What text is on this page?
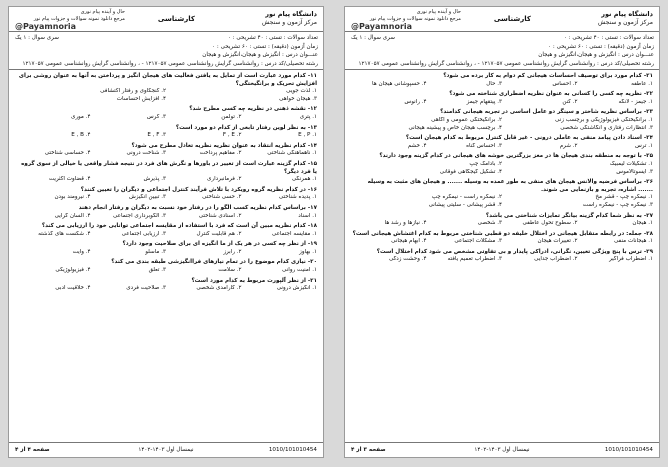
دانشگاه پیام نور
مرکز آزمون و سنجش
کارشناسی
حال و آینده پیام نوری
مرجع دانلود نمونه سوالات و جزوات پیام نور
@Payamnoria
تعداد سوالات : تستی : ۴۰ تشریحی : ۰
زمان آزمون (دقیقه) : تستی : ۶۰ تشریحی : ۰
سری سوال : ۱ یک
عنـــوان درس : انگیزش و هیجان،انگیزش و هیجان
رشته تحصیلی/کد درس : روانشناسی گرایش روانشناسی عمومی ۱۲۱۷۰۵۷ - ، روانشناسی گرایش روانشناسی عمومی ۱۲۱۷۰۵۷
۲۱- کدام مورد برای توصیف احساسات هیجانی کم دوام به کار برده می شود؟
۱. عاطفه
۲. احساس
۳. حال
۴. حسپوشانی هیجان ها
۲۲- نظریه چه کسی را کسانی به عنوان نظریه اضطراری شناخته می شود؟
۱. جیمز - لانگه
۲. کنن
۳. پیتقهام جیمز
۴. رانوس
۲۳- براساس نظریه شاختر و سینگر دو عامل اساسی در تجربه هیجانی کدامند؟
۱. برانگیختگی فیزیولوژیکی و برچسب زنی
۲. برانگیختگی عمومی و آگاهی
۳. انتظارات رفتاری و انگاشتگی شخصی
۴. برچسب هیجان خاص و پیشینه هیجانی
۲۴- اسناد دادن پیامد منفی به عاملی درونی - غیر قابل کنترل مربوط به کدام هیجان است؟
۱. ترس
۲. شرم
۳. احساس گناه
۴. خشم
۲۵- با توجه به منطقه بندی هیجان ها در مغز بزرگترین خوشه های هیجانی در کدام گزینه وجود دارند؟
۱. تشکیلات لیمبیک
۲. بادامک چپ
۳. ایسوتالاموس
۴. تشکیل گیجگاهی فوقانی
۲۶- براساس فرضیه والانس هیجان های منفی به طور عمده به وسیله ....... و هیجان های مثبت به وسیله ....... اشاره، تجربه و بازنمایی می شوند.
۱. نیمکره چپ - قشر مخ
۲. نیمکره راست - نیمکره چپ
۳. نیمکره چپ - نیمکره راست
۴. قشر پیشانی - سلیتی پیشانی
۲۷- به نظر شما کدام گزینه بیانگر تمایزات شناختی می باشد؟
۱. هیجان
۲. سطوح تحول عاطفی
۳. شخصی
۴. نیازها و رشد ها
۲۸- جمله: در رابطه متقابل هیجانی در اختلال خلیفه دو قطبی شناختی مربوط به کدام اغتشاش هیجانی است؟
۱. هیجانات منفی
۲. تغییرات هیجان
۳. مشکلات اجتماعی
۴. ابهام هیجانی
۲۹- ترس با پنج ویژگی تعیین، نگرانی، ادراکی پایدار و بی تفاوتی مشخص می شود کدام اختلال است؟
۱. اضطراب فراگیر
۲. اضطراب جدایی
۳. اضطراب تعمیم یافته
۴. وحشت زدگی
صفحه ۳ از ۴	نیمسال اول ۱۴۰۳-۱۴۰۲	1010/101010454
دانشگاه پیام نور
مرکز آزمون و سنجش
کارشناسی
حال و آینده پیام نوری
مرجع دانلود نمونه سوالات و جزوات پیام نور
@Payamnoria
تعداد سوالات : تستی : ۴۰ تشریحی : ۰
زمان آزمون (دقیقه) : تستی : ۶۰ تشریحی : ۰
سری سوال : ۱ یک
عنـــوان درس : انگیزش و هیجان،انگیزش و هیجان
رشته تحصیلی/کد درس : روانشناسی گرایش روانشناسی عمومی ۱۲۱۷۰۵۷ - ، روانشناسی گرایش روانشناسی عمومی ۱۲۱۷۰۵۷
۱۱- کدام مورد عبارت است از تمایل به یافتن فعالیت های هیجان انگیز و پرداختن به آنها به عنوان روشی برای افزایش تحریک و برانگیختگی؟
۱. لذت جویی
۲. کنجکاوی و رفتار اکتشافی
۳. هیجان خواهی
۴. افزایش احساسات
۱۲- نقشه ذهنی در نظریه چه کسی مطرح شد؟
۱. پتری
۲. تولمن
۳. کرس
۴. موری
۱۳- به نظر لوین رفتار تابعی از کدام دو مورد است؟
۱. E , P
۲. F , E
۳. E , F
۴. E , B
۱۴- کدام نظریه انتقاد به عنوان نظریه نظریه تعادل مطرح می شود؟
۱. ناهماهنگی شناختی
۲. مفاهیم پرداخت
۳. شناخت درونی
۴. حساسی شناختی
۱۵- کدام گزینه عبارت است از تغییر در باورها و نگرش های فرد در نتیجه فشار واقعی یا خیالی از سوی گروه یا فرد دیگر؟
۱. همرنگی
۲. فرمانبرداری
۳. پذیرش
۴. قضاوت اکثریت
۱۶- در کدام نظریه گروه رویکرد با تلاش فرآیند کنترل اجتماعی و دیگران را تعیین کنند؟
۱. پدیده شناختی
۲. حسی شناختی
۳. تبیین انگیزش
۴. نیرومند بودن
۱۷- براساس کدام نظریه کسب الگو را در رفتار خود نسبت به دیگران و رفتار انجام دهند
۱. اسناد
۲. اسنادی شناختی
۳. الگوبرداری اجتماعی
۴. السان گرایی
۱۸- کدام نظریه مبین آن است که فرد با استفاده از مقایسه اجتماعی توانایی خود را ارزیابی می کند؟
۱. مقایسه اجتماعی
۲. هم قابلیت کنترل
۳. ارزیابی اجتماعی
۴. شکست های گذشته
۱۹- از نظر چه کسی در هر یک از ما انگیزه ای برای صلاحیت وجود دارد؟
۱. بهاوز
۲. رابرز
۳. ماسلو
۴. وایت
۲۰- نیازی کدام موضوع را در تمام نیازهای فراانگیزشی طبقه بندی می کند؟
۱. امنیت روانی
۲. سلامت
۳. تعلق
۴. فیزیولوژیکی
۲۱- از نظر آلپورت مربوط به کدام مورد است؟
۱. انگیزش درونی
۲. کارآمدی شخصی
۳. صلاحیت فردی
۴. خلاقیت ادبی
صفحه ۴ از ۴	نیمسال اول ۱۴۰۳-۱۴۰۲	1010/101010454
